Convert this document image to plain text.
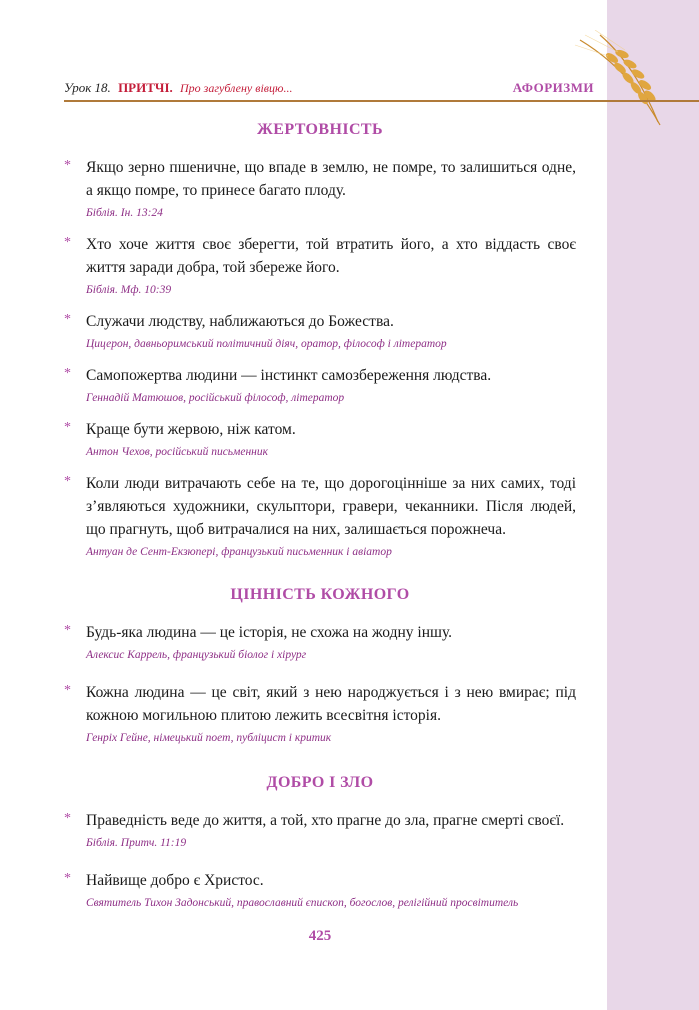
Урок 18. ПРИТЧІ. Про загублену вівцю...	АФОРИЗМИ
ЖЕРТОВНІСТЬ
* Якщо зерно пшеничне, що впаде в землю, не помре, то залишиться одне, а якщо помре, то принесе багато плоду.

Біблія. Ін. 13:24
* Хто хоче життя своє зберегти, той втратить його, а хто віддасть своє життя заради добра, той збереже його.

Біблія. Мф. 10:39
* Служачи людству, наближаються до Божества.

Цицерон, давньоримський політичний діяч, оратор, філософ і літератор
* Самопожертва людини — інстинкт самозбереження людства.

Геннадій Матюшов, російський філософ, літератор
* Краще бути жервою, ніж катом.

Антон Чехов, російський письменник
* Коли люди витрачають себе на те, що дорогоцінніше за них самих, тоді з’являються художники, скульптори, гравери, чеканники. Після людей, що прагнуть, щоб витрачалися на них, залишається порожнеча.

Антуан де Сент-Екзюпері, французький письменник і авіатор
ЦІННІСТЬ КОЖНОГО
* Будь-яка людина — це історія, не схожа на жодну іншу.

Алексис Каррель, французький біолог і хірург
* Кожна людина — це світ, який з нею народжується і з нею вмирає; під кожною могильною плитою лежить всесвітня історія.

Генріх Гейне, німецький поет, публіцист і критик
ДОБРО І ЗЛО
* Праведність веде до життя, а той, хто прагне до зла, прагне смерті своєї.

Біблія. Притч. 11:19
* Найвище добро є Христос.

Святитель Тихон Задонський, православний єпископ, богослов, релігійний просвітитель
425
